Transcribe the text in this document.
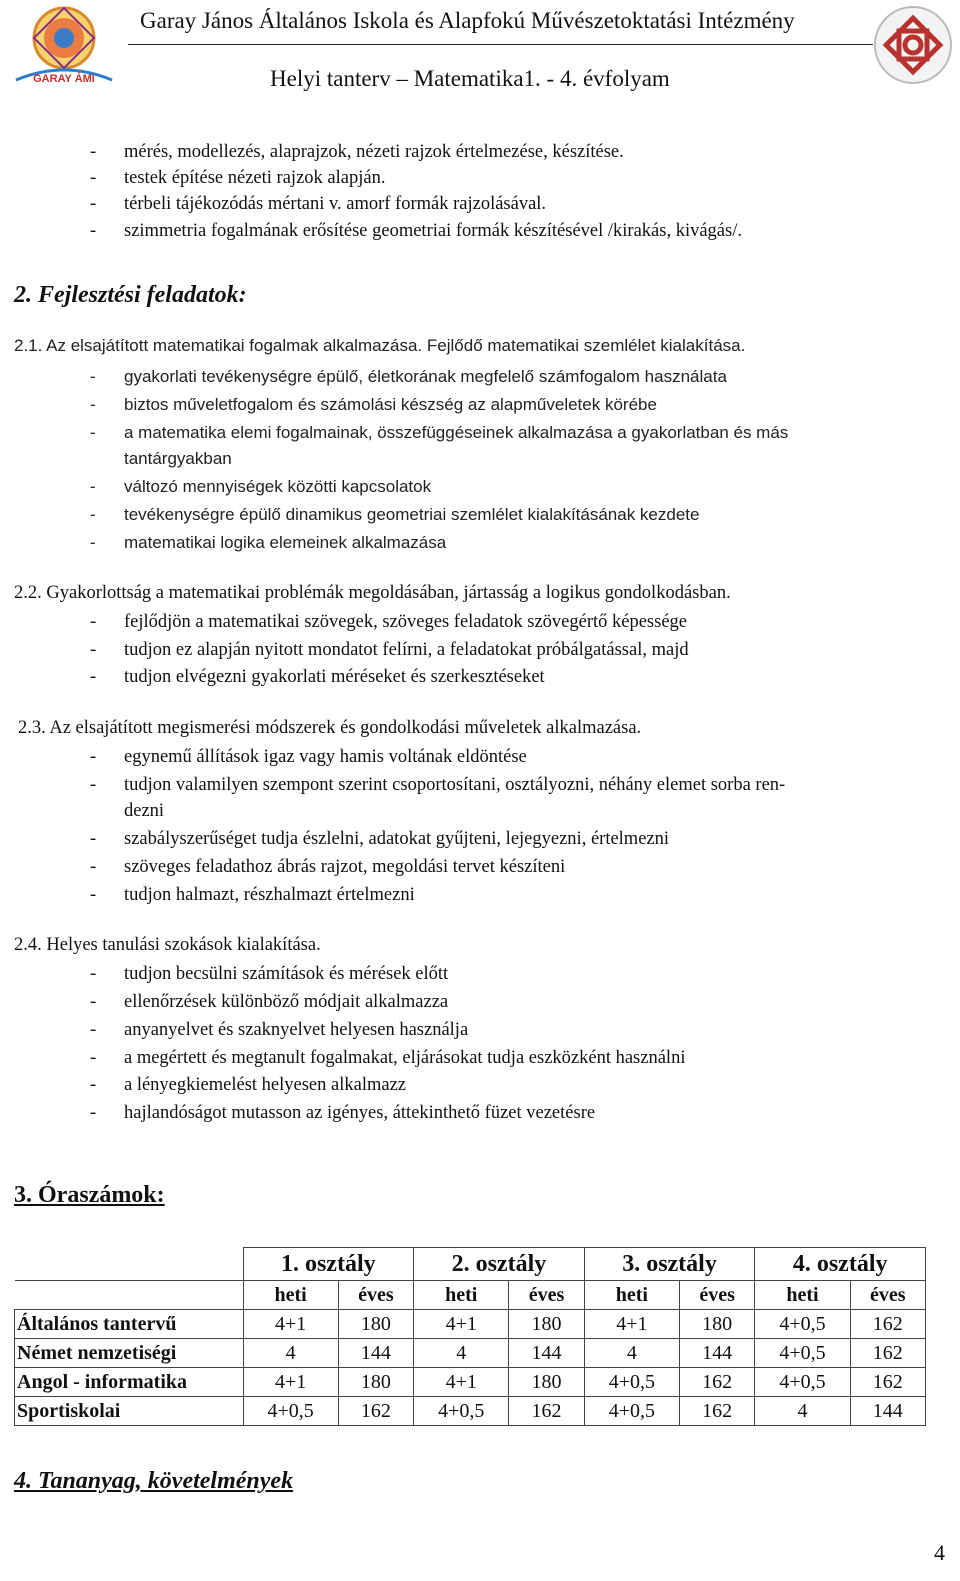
GARAY ÁMI
Garay János Általános Iskola és Alapfokú Művészetoktatási Intézmény
Helyi tanterv – Matematika1. - 4. évfolyam
- mérés, modellezés, alaprajzok, nézeti rajzok értelmezése, készítése.
- testek építése nézeti rajzok alapján.
- térbeli tájékozódás mértani v. amorf formák rajzolásával.
- szimmetria fogalmának erősítése geometriai formák készítésével /kirakás, kivágás/.
2. Fejlesztési feladatok:
2.1. Az elsajátított matematikai fogalmak alkalmazása. Fejlődő matematikai szemlélet kialakítása.
- gyakorlati tevékenységre épülő, életkorának megfelelő számfogalom használata
- biztos műveletfogalom és számolási készség az alapműveletek körébe
- a matematika elemi fogalmainak, összefüggéseinek alkalmazása a gyakorlatban és más
tantárgyakban
- változó mennyiségek közötti kapcsolatok
- tevékenységre épülő dinamikus geometriai szemlélet kialakításának kezdete
- matematikai logika elemeinek alkalmazása
2.2. Gyakorlottság a matematikai problémák megoldásában, jártasság a logikus gondolkodásban.
- fejlődjön a matematikai szövegek, szöveges feladatok szövegértő képessége
- tudjon ez alapján nyitott mondatot felírni, a feladatokat próbálgatással, majd
- tudjon elvégezni gyakorlati méréseket és szerkesztéseket
2.3. Az elsajátított megismerési módszerek és gondolkodási műveletek alkalmazása.
- egynemű állítások igaz vagy hamis voltának eldöntése
- tudjon valamilyen szempont szerint csoportosítani, osztályozni, néhány elemet sorba ren-
dezni
- szabályszerűséget tudja észlelni, adatokat gyűjteni, lejegyezni, értelmezni
- szöveges feladathoz ábrás rajzot, megoldási tervet készíteni
- tudjon halmazt, részhalmazt értelmezni
2.4. Helyes tanulási szokások kialakítása.
- tudjon becsülni számítások és mérések előtt
- ellenőrzések különböző módjait alkalmazza
- anyanyelvet és szaknyelvet helyesen használja
- a megértett és megtanult fogalmakat, eljárásokat tudja eszközként használni
- a lényegkiemelést helyesen alkalmazz
- hajlandóságot mutasson az igényes, áttekinthető füzet vezetésre
3. Óraszámok:
	1. osztály		2. osztály		3. osztály		4. osztály	
	heti	éves	heti	éves	heti	éves	heti	éves
Általános tantervű	4+1	180	4+1	180	4+1	180	4+0,5	162
Német nemzetiségi	4	144	4	144	4	144	4+0,5	162
Angol - informatika	4+1	180	4+1	180	4+0,5	162	4+0,5	162
Sportiskolai	4+0,5	162	4+0,5	162	4+0,5	162	4	144
4. Tananyag, követelmények
4
